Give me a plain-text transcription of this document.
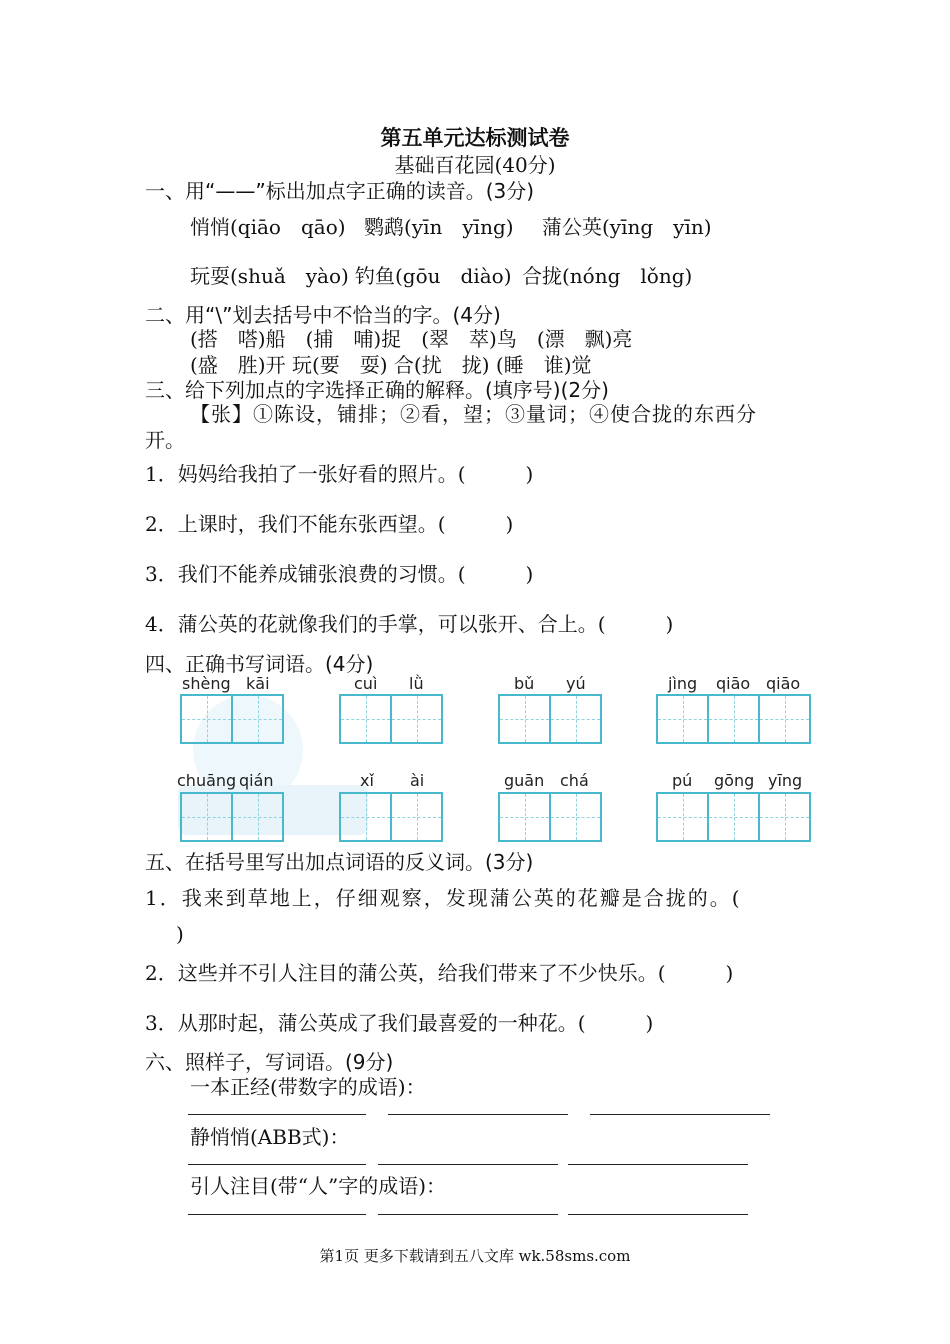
第五单元达标测试卷
基础百花园(40分)
一、用“——”标出加点字正确的读音。(3分)
悄悄(qiāo　qāo) 鹦鹉(yīn　yīng) 蒲公英(yīng　yīn)
玩耍(shuǎ　yào) 钓鱼(gōu　diào) 合拢(nóng　lǒng)
二、用“\”划去括号中不恰当的字。(4分)
(搭　嗒)船　(捕　哺)捉　(翠　萃)鸟　(漂　飘)亮
(盛　胜)开 玩(要　耍) 合(扰　拢) (睡　谁)觉
三、给下列加点的字选择正确的解释。(填序号)(2分)
【张】①陈设，铺排；②看，望；③量词；④使合拢的东西分
开。
1．妈妈给我拍了一张好看的照片。(　　　)
2．上课时，我们不能东张西望。(　　　)
3．我们不能养成铺张浪费的习惯。(　　　)
4．蒲公英的花就像我们的手掌，可以张开、合上。(　　　)
四、正确书写词语。(4分)
shèng kāi	cuì lǜ	bǔ yú	jìng qiāo qiāo
chuāng qián	xǐ ài	guān chá	pú gōng yīng
五、在括号里写出加点词语的反义词。(3分)
1．我来到草地上，仔细观察，发现蒲公英的花瓣是合拢的。(
)
2．这些并不引人注目的蒲公英，给我们带来了不少快乐。(　　　)
3．从那时起，蒲公英成了我们最喜爱的一种花。(　　　)
六、照样子，写词语。(9分)
一本正经(带数字的成语)：
静悄悄(ABB式)：
引人注目(带“人”字的成语)：
第1页 更多下载请到五八文库 wk.58sms.com
